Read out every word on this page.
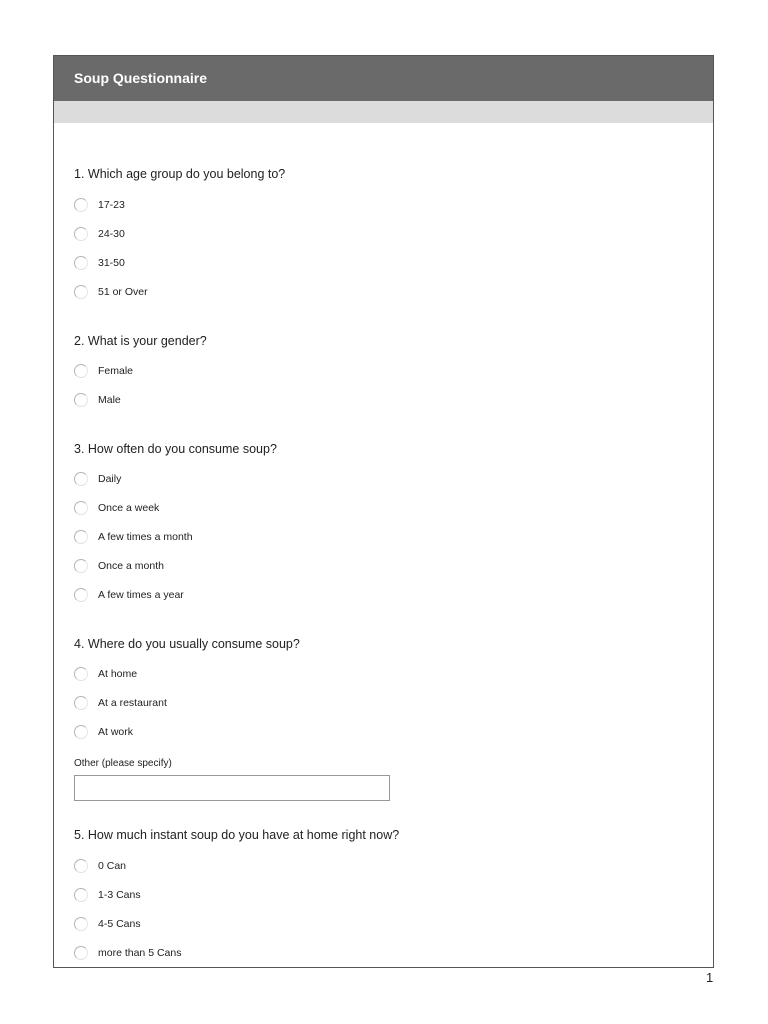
Soup Questionnaire
1. Which age group do you belong to?
17-23
24-30
31-50
51 or Over
2. What is your gender?
Female
Male
3. How often do you consume soup?
Daily
Once a week
A few times a month
Once a month
A few times a year
4. Where do you usually consume soup?
At home
At a restaurant
At work
Other (please specify)
5. How much instant soup do you have at home right now?
0 Can
1-3 Cans
4-5 Cans
more than 5 Cans
1
